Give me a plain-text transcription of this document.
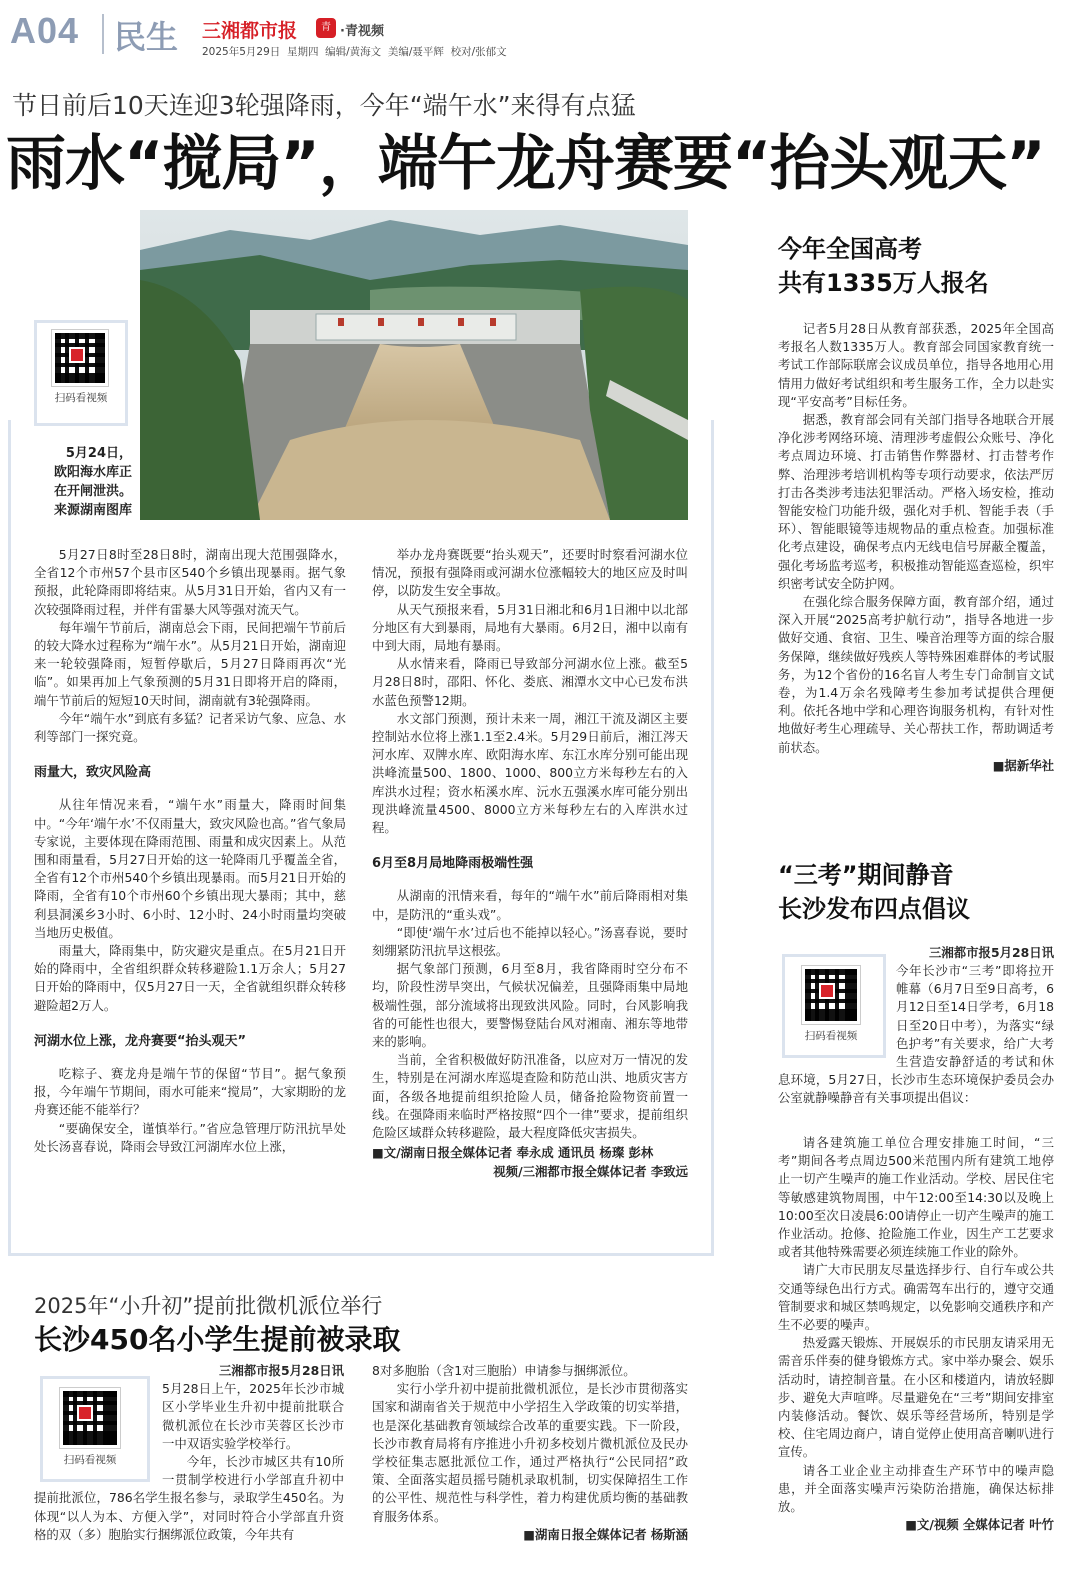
A04 民生 三湘都市报	青 ·青视频
2025年5月29日 星期四 编辑/黄海文 美编/聂平辉 校对/张郁文
节日前后10天连迎3轮强降雨，今年“端午水”来得有点猛
雨水“搅局”，端午龙舟赛要“抬头观天”
5月24日，
欧阳海水库正
在开闸泄洪。
来源湖南图库
扫码看视频

5月27日8时至28日8时，湖南出现大范围强降水，全省12个市州57个县市区540个乡镇出现暴雨。据气象预报，此轮降雨即将结束。从5月31日开始，省内又有一次较强降雨过程，并伴有雷暴大风等强对流天气。

每年端午节前后，湖南总会下雨，民间把端午节前后的较大降水过程称为“端午水”。从5月21日开始，湖南迎来一轮较强降雨，短暂停歇后，5月27日降雨再次“光临”。如果再加上气象预测的5月31日即将开启的降雨，端午节前后的短短10天时间，湖南就有3轮强降雨。

今年“端午水”到底有多猛？记者采访气象、应急、水利等部门一探究竟。

雨量大，致灾风险高

从往年情况来看，“端午水”雨量大，降雨时间集中。“今年‘端午水’不仅雨量大，致灾风险也高。”省气象局专家说，主要体现在降雨范围、雨量和成灾因素上。从范围和雨量看，5月27日开始的这一轮降雨几乎覆盖全省，全省有12个市州540个乡镇出现暴雨。而5月21日开始的降雨，全省有10个市州60个乡镇出现大暴雨；其中，慈利县洞溪乡3小时、6小时、12小时、24小时雨量均突破当地历史极值。

雨量大，降雨集中，防灾避灾是重点。在5月21日开始的降雨中，全省组织群众转移避险1.1万余人；5月27日开始的降雨中，仅5月27日一天，全省就组织群众转移避险超2万人。

河湖水位上涨，龙舟赛要“抬头观天”

吃粽子、赛龙舟是端午节的保留“节目”。据气象预报，今年端午节期间，雨水可能来“搅局”，大家期盼的龙舟赛还能不能举行？

“要确保安全，谨慎举行。”省应急管理厅防汛抗旱处处长汤喜春说，降雨会导致江河湖库水位上涨，

举办龙舟赛既要“抬头观天”，还要时时察看河湖水位情况，预报有强降雨或河湖水位涨幅较大的地区应及时叫停，以防发生安全事故。

从天气预报来看，5月31日湘北和6月1日湘中以北部分地区有大到暴雨，局地有大暴雨。6月2日，湘中以南有中到大雨，局地有暴雨。

从水情来看，降雨已导致部分河湖水位上涨。截至5月28日8时，邵阳、怀化、娄底、湘潭水文中心已发布洪水蓝色预警12期。

水文部门预测，预计未来一周，湘江干流及湖区主要控制站水位将上涨1.1至2.4米。5月29日前后，湘江涔天河水库、双牌水库、欧阳海水库、东江水库分别可能出现洪峰流量500、1800、1000、800立方米每秒左右的入库洪水过程；资水柘溪水库、沅水五强溪水库可能分别出现洪峰流量4500、8000立方米每秒左右的入库洪水过程。

6月至8月局地降雨极端性强

从湖南的汛情来看，每年的“端午水”前后降雨相对集中，是防汛的“重头戏”。

“即使‘端午水’过后也不能掉以轻心。”汤喜春说，要时刻绷紧防汛抗旱这根弦。

据气象部门预测，6月至8月，我省降雨时空分布不均，阶段性涝旱突出，气候状况偏差，且强降雨集中局地极端性强，部分流域将出现致洪风险。同时，台风影响我省的可能性也很大，要警惕登陆台风对湘南、湘东等地带来的影响。

当前，全省积极做好防汛准备，以应对万一情况的发生，特别是在河湖水库巡堤查险和防范山洪、地质灾害方面，各级各地提前组织抢险人员，储备抢险物资前置一线。在强降雨来临时严格按照“四个一律”要求，提前组织危险区域群众转移避险，最大程度降低灾害损失。

■文/湖南日报全媒体记者 奉永成 通讯员 杨璨 彭林
视频/三湘都市报全媒体记者 李致远
今年全国高考
共有1335万人报名

记者5月28日从教育部获悉，2025年全国高考报名人数1335万人。教育部会同国家教育统一考试工作部际联席会议成员单位，指导各地用心用情用力做好考试组织和考生服务工作，全力以赴实现“平安高考”目标任务。

据悉，教育部会同有关部门指导各地联合开展净化涉考网络环境、清理涉考虚假公众账号、净化考点周边环境、打击销售作弊器材、打击替考作弊、治理涉考培训机构等专项行动要求，依法严厉打击各类涉考违法犯罪活动。严格入场安检，推动智能安检门功能升级，强化对手机、智能手表（手环）、智能眼镜等违规物品的重点检查。加强标准化考点建设，确保考点内无线电信号屏蔽全覆盖，强化考场监考巡考，积极推动智能巡查巡检，织牢织密考试安全防护网。

在强化综合服务保障方面，教育部介绍，通过深入开展“2025高考护航行动”，指导各地进一步做好交通、食宿、卫生、噪音治理等方面的综合服务保障，继续做好残疾人等特殊困难群体的考试服务，为12个省份的16名盲人考生专门命制盲文试卷，为1.4万余名残障考生参加考试提供合理便利。依托各地中学和心理咨询服务机构，有针对性地做好考生心理疏导、关心帮扶工作，帮助调适考前状态。

■据新华社
“三考”期间静音
长沙发布四点倡议
扫码看视频
三湘都市报5月28日讯
今年长沙市“三考”即将拉开帷幕（6月7日至9日高考，6月12日至14日学考，6月18日至20日中考），为落实“绿色护考”有关要求，给广大考生营造安静舒适的考试和休息环境，5月27日，长沙市生态环境保护委员会办公室就静噪静音有关事项提出倡议：

请各建筑施工单位合理安排施工时间，“三考”期间各考点周边500米范围内所有建筑工地停止一切产生噪声的施工作业活动。学校、居民住宅等敏感建筑物周围，中午12:00至14:30以及晚上10:00至次日凌晨6:00请停止一切产生噪声的施工作业活动。抢修、抢险施工作业，因生产工艺要求或者其他特殊需要必须连续施工作业的除外。

请广大市民朋友尽量选择步行、自行车或公共交通等绿色出行方式。确需驾车出行的，遵守交通管制要求和城区禁鸣规定，以免影响交通秩序和产生不必要的噪声。

热爱露天锻炼、开展娱乐的市民朋友请采用无需音乐伴奏的健身锻炼方式。家中举办聚会、娱乐活动时，请控制音量。在小区和楼道内，请放轻脚步、避免大声喧哗。尽量避免在“三考”期间安排室内装修活动。餐饮、娱乐等经营场所，特别是学校、住宅周边商户，请自觉停止使用高音喇叭进行宣传。

请各工业企业主动排查生产环节中的噪声隐患，并全面落实噪声污染防治措施，确保达标排放。

■文/视频 全媒体记者 叶竹
2025年“小升初”提前批微机派位举行
长沙450名小学生提前被录取
扫码看视频
三湘都市报5月28日讯
5月28日上午，2025年长沙市城区小学毕业生升初中提前批联合微机派位在长沙市芙蓉区长沙市一中双语实验学校举行。

今年，长沙市城区共有10所一贯制学校进行小学部直升初中提前批派位，786名学生报名参与，录取学生450名。为体现“以人为本、方便入学”，对同时符合小学部直升资格的双（多）胞胎实行捆绑派位政策，今年共有

8对多胞胎（含1对三胞胎）申请参与捆绑派位。

实行小学升初中提前批微机派位，是长沙市贯彻落实国家和湖南省关于规范中小学招生入学政策的切实举措，也是深化基础教育领域综合改革的重要实践。下一阶段，长沙市教育局将有序推进小升初多校划片微机派位及民办学校征集志愿批派位工作，通过严格执行“公民同招”政策、全面落实超员摇号随机录取机制，切实保障招生工作的公平性、规范性与科学性，着力构建优质均衡的基础教育服务体系。

■湖南日报全媒体记者 杨斯涵
